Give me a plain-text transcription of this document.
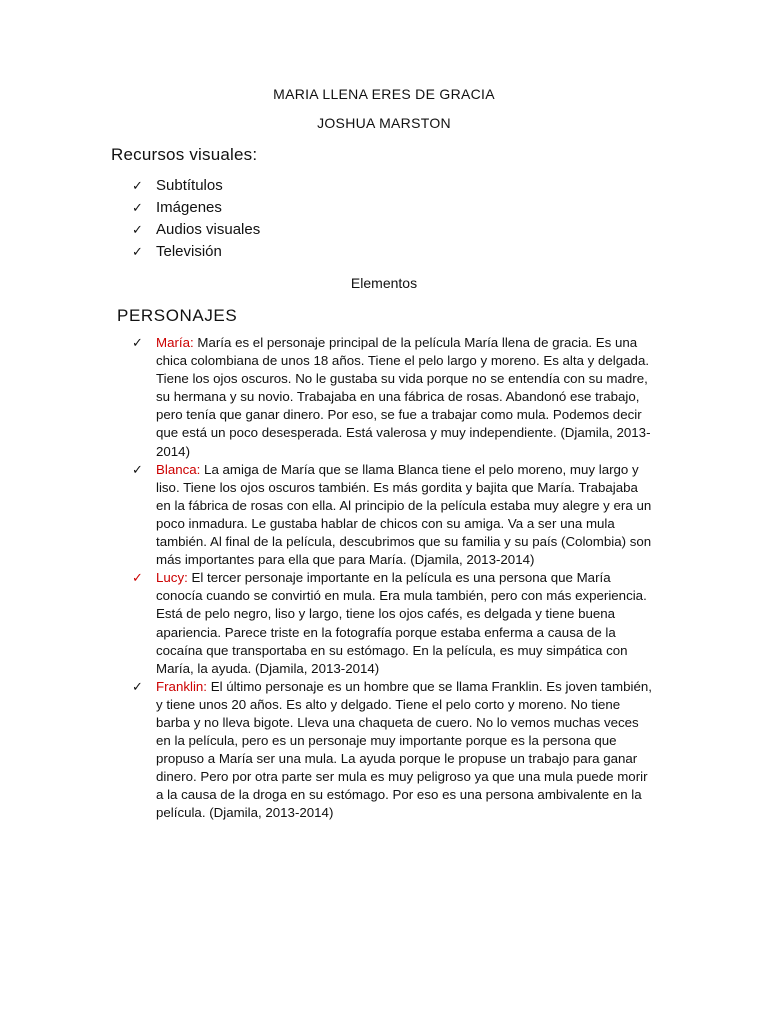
MARIA LLENA ERES DE GRACIA
JOSHUA MARSTON
Recursos visuales:
✓ Subtítulos
✓ Imágenes
✓ Audios visuales
✓ Televisión
Elementos
PERSONAJES
✓ María: María es el personaje principal de la película María llena de gracia. Es una chica colombiana de unos 18 años. Tiene el pelo largo y moreno. Es alta y delgada. Tiene los ojos oscuros. No le gustaba su vida porque no se entendía con su madre, su hermana y su novio. Trabajaba en una fábrica de rosas. Abandonó ese trabajo, pero tenía que ganar dinero. Por eso, se fue a trabajar como mula. Podemos decir que está un poco desesperada. Está valerosa y muy independiente. (Djamila, 2013-2014)
✓ Blanca: La amiga de María que se llama Blanca tiene el pelo moreno, muy largo y liso. Tiene los ojos oscuros también. Es más gordita y bajita que María. Trabajaba en la fábrica de rosas con ella. Al principio de la película estaba muy alegre y era un poco inmadura. Le gustaba hablar de chicos con su amiga. Va a ser una mula también. Al final de la película, descubrimos que su familia y su país (Colombia) son más importantes para ella que para María. (Djamila, 2013-2014)
✓ Lucy: El tercer personaje importante en la película es una persona que María conocía cuando se convirtió en mula. Era mula también, pero con más experiencia. Está de pelo negro, liso y largo, tiene los ojos cafés, es delgada y tiene buena apariencia. Parece triste en la fotografía porque estaba enferma a causa de la cocaína que transportaba en su estómago. En la película, es muy simpática con María, la ayuda. (Djamila, 2013-2014)
✓ Franklin: El último personaje es un hombre que se llama Franklin. Es joven también, y tiene unos 20 años. Es alto y delgado. Tiene el pelo corto y moreno. No tiene barba y no lleva bigote. Lleva una chaqueta de cuero. No lo vemos muchas veces en la película, pero es un personaje muy importante porque es la persona que propuso a María ser una mula. La ayuda porque le propuse un trabajo para ganar dinero. Pero por otra parte ser mula es muy peligroso ya que una mula puede morir a la causa de la droga en su estómago. Por eso es una persona ambivalente en la película. (Djamila, 2013-2014)
